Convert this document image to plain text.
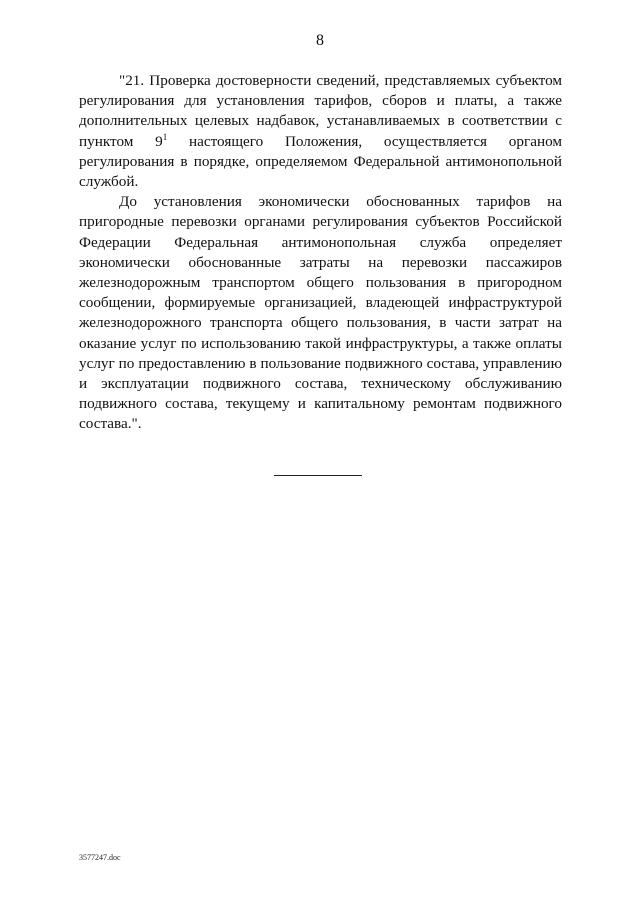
8

"21. Проверка достоверности сведений, представляемых субъектом регулирования для установления тарифов, сборов и платы, а также дополнительных целевых надбавок, устанавливаемых в соответствии с пунктом $9^1$ настоящего Положения, осуществляется органом регулирования в порядке, определяемом Федеральной антимонопольной службой.

До установления экономически обоснованных тарифов на пригородные перевозки органами регулирования субъектов Российской Федерации Федеральная антимонопольная служба определяет экономически обоснованные затраты на перевозки пассажиров железнодорожным транспортом общего пользования в пригородном сообщении, формируемые организацией, владеющей инфраструктурой железнодорожного транспорта общего пользования, в части затрат на оказание услуг по использованию такой инфраструктуры, а также оплаты услуг по предоставлению в пользование подвижного состава, управлению и эксплуатации подвижного состава, техническому обслуживанию подвижного состава, текущему и капитальному ремонтам подвижного состава.".

3577247.doc
